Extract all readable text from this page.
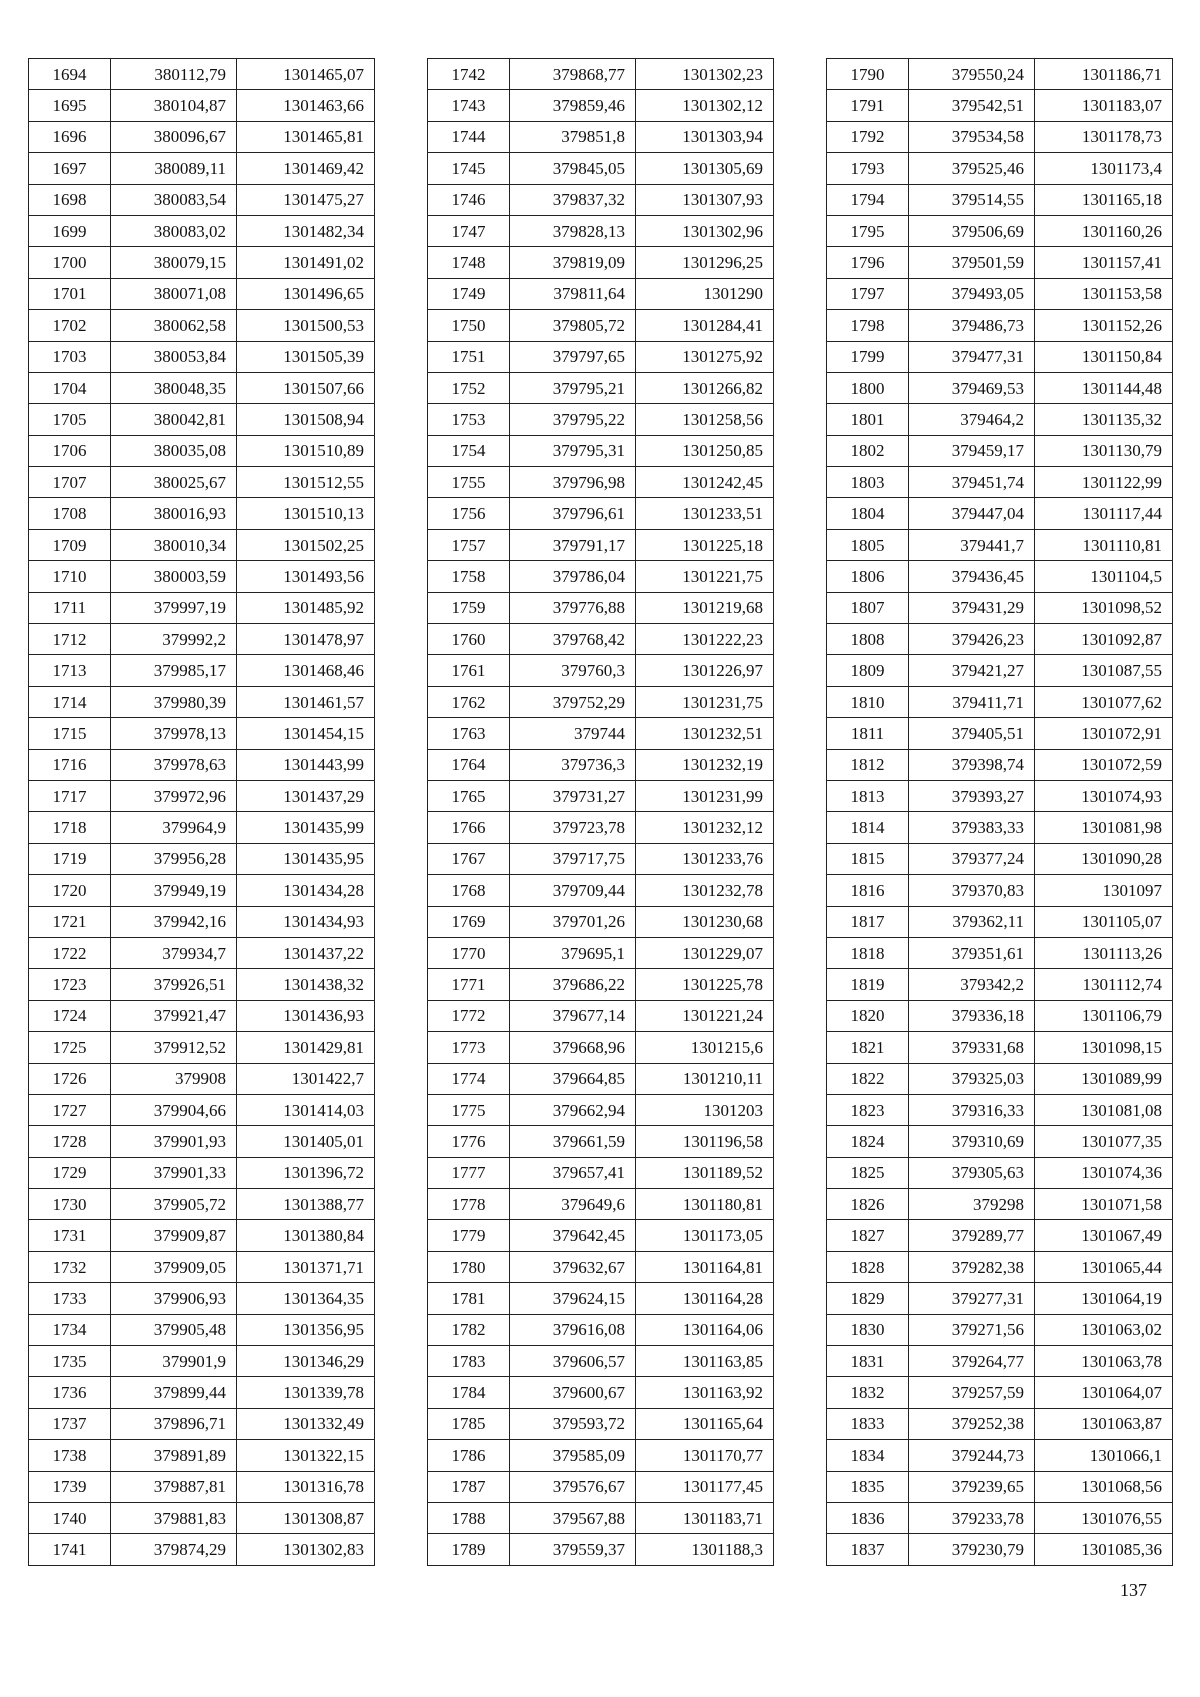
1694	380112,79	1301465,07
1695	380104,87	1301463,66
1696	380096,67	1301465,81
1697	380089,11	1301469,42
1698	380083,54	1301475,27
1699	380083,02	1301482,34
1700	380079,15	1301491,02
1701	380071,08	1301496,65
1702	380062,58	1301500,53
1703	380053,84	1301505,39
1704	380048,35	1301507,66
1705	380042,81	1301508,94
1706	380035,08	1301510,89
1707	380025,67	1301512,55
1708	380016,93	1301510,13
1709	380010,34	1301502,25
1710	380003,59	1301493,56
1711	379997,19	1301485,92
1712	379992,2	1301478,97
1713	379985,17	1301468,46
1714	379980,39	1301461,57
1715	379978,13	1301454,15
1716	379978,63	1301443,99
1717	379972,96	1301437,29
1718	379964,9	1301435,99
1719	379956,28	1301435,95
1720	379949,19	1301434,28
1721	379942,16	1301434,93
1722	379934,7	1301437,22
1723	379926,51	1301438,32
1724	379921,47	1301436,93
1725	379912,52	1301429,81
1726	379908	1301422,7
1727	379904,66	1301414,03
1728	379901,93	1301405,01
1729	379901,33	1301396,72
1730	379905,72	1301388,77
1731	379909,87	1301380,84
1732	379909,05	1301371,71
1733	379906,93	1301364,35
1734	379905,48	1301356,95
1735	379901,9	1301346,29
1736	379899,44	1301339,78
1737	379896,71	1301332,49
1738	379891,89	1301322,15
1739	379887,81	1301316,78
1740	379881,83	1301308,87
1741	379874,29	1301302,83
1742	379868,77	1301302,23
1743	379859,46	1301302,12
1744	379851,8	1301303,94
1745	379845,05	1301305,69
1746	379837,32	1301307,93
1747	379828,13	1301302,96
1748	379819,09	1301296,25
1749	379811,64	1301290
1750	379805,72	1301284,41
1751	379797,65	1301275,92
1752	379795,21	1301266,82
1753	379795,22	1301258,56
1754	379795,31	1301250,85
1755	379796,98	1301242,45
1756	379796,61	1301233,51
1757	379791,17	1301225,18
1758	379786,04	1301221,75
1759	379776,88	1301219,68
1760	379768,42	1301222,23
1761	379760,3	1301226,97
1762	379752,29	1301231,75
1763	379744	1301232,51
1764	379736,3	1301232,19
1765	379731,27	1301231,99
1766	379723,78	1301232,12
1767	379717,75	1301233,76
1768	379709,44	1301232,78
1769	379701,26	1301230,68
1770	379695,1	1301229,07
1771	379686,22	1301225,78
1772	379677,14	1301221,24
1773	379668,96	1301215,6
1774	379664,85	1301210,11
1775	379662,94	1301203
1776	379661,59	1301196,58
1777	379657,41	1301189,52
1778	379649,6	1301180,81
1779	379642,45	1301173,05
1780	379632,67	1301164,81
1781	379624,15	1301164,28
1782	379616,08	1301164,06
1783	379606,57	1301163,85
1784	379600,67	1301163,92
1785	379593,72	1301165,64
1786	379585,09	1301170,77
1787	379576,67	1301177,45
1788	379567,88	1301183,71
1789	379559,37	1301188,3
1790	379550,24	1301186,71
1791	379542,51	1301183,07
1792	379534,58	1301178,73
1793	379525,46	1301173,4
1794	379514,55	1301165,18
1795	379506,69	1301160,26
1796	379501,59	1301157,41
1797	379493,05	1301153,58
1798	379486,73	1301152,26
1799	379477,31	1301150,84
1800	379469,53	1301144,48
1801	379464,2	1301135,32
1802	379459,17	1301130,79
1803	379451,74	1301122,99
1804	379447,04	1301117,44
1805	379441,7	1301110,81
1806	379436,45	1301104,5
1807	379431,29	1301098,52
1808	379426,23	1301092,87
1809	379421,27	1301087,55
1810	379411,71	1301077,62
1811	379405,51	1301072,91
1812	379398,74	1301072,59
1813	379393,27	1301074,93
1814	379383,33	1301081,98
1815	379377,24	1301090,28
1816	379370,83	1301097
1817	379362,11	1301105,07
1818	379351,61	1301113,26
1819	379342,2	1301112,74
1820	379336,18	1301106,79
1821	379331,68	1301098,15
1822	379325,03	1301089,99
1823	379316,33	1301081,08
1824	379310,69	1301077,35
1825	379305,63	1301074,36
1826	379298	1301071,58
1827	379289,77	1301067,49
1828	379282,38	1301065,44
1829	379277,31	1301064,19
1830	379271,56	1301063,02
1831	379264,77	1301063,78
1832	379257,59	1301064,07
1833	379252,38	1301063,87
1834	379244,73	1301066,1
1835	379239,65	1301068,56
1836	379233,78	1301076,55
1837	379230,79	1301085,36
137
